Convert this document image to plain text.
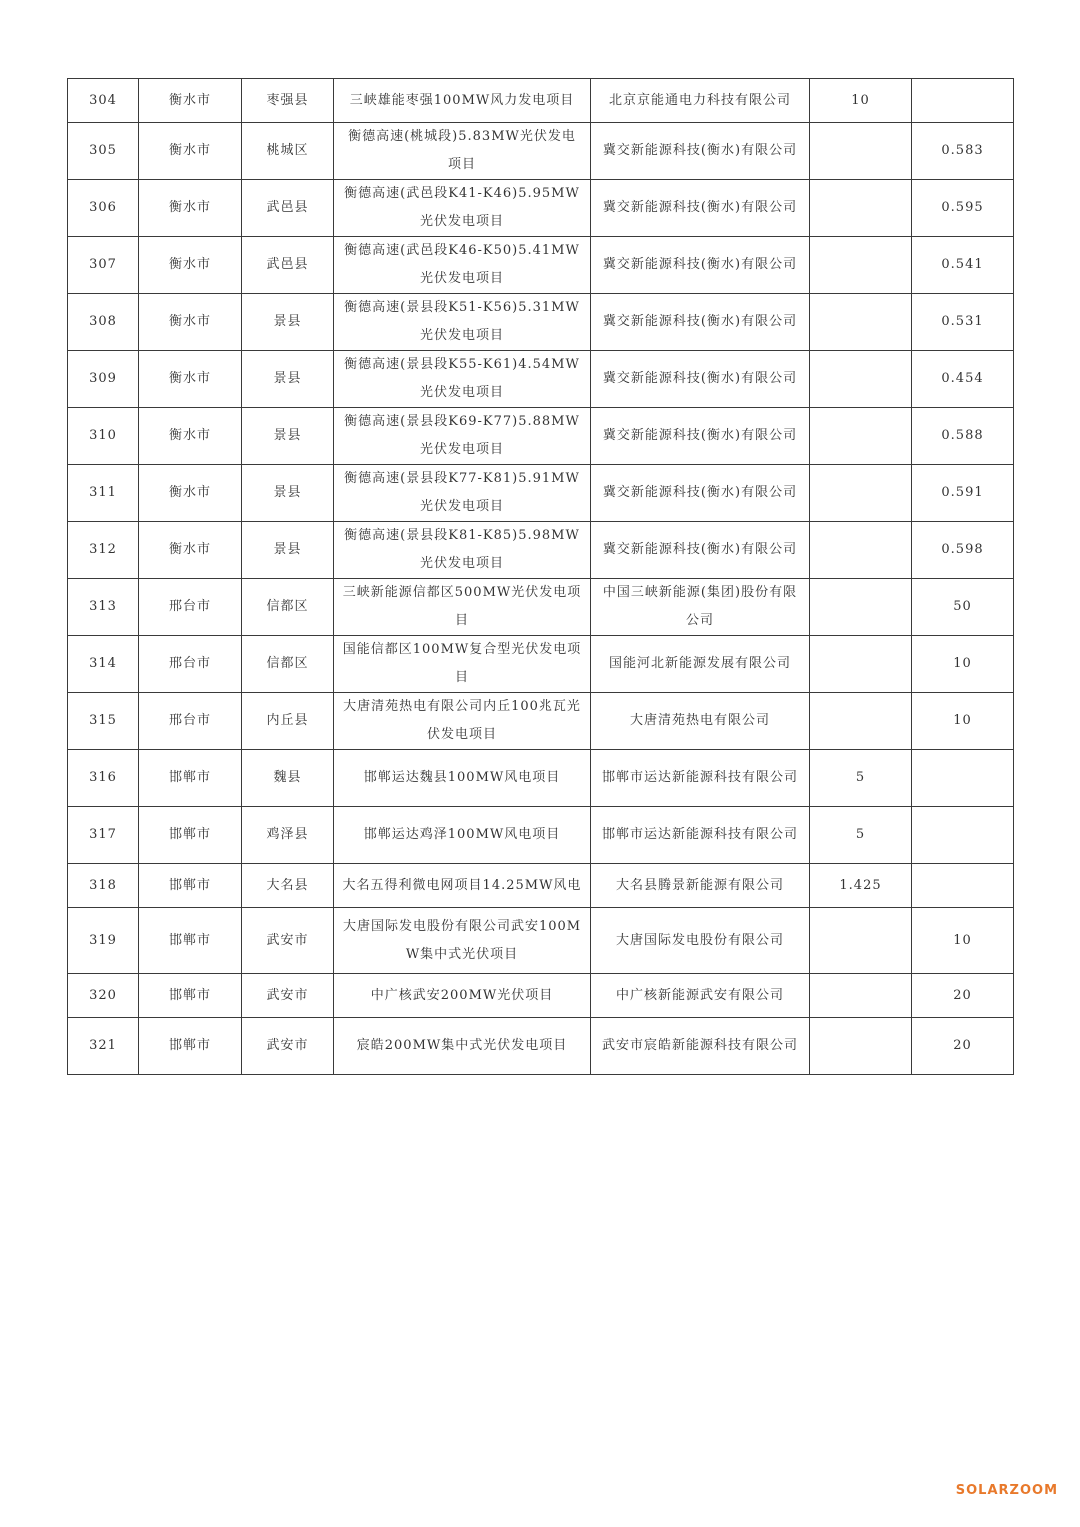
304	衡水市	枣强县	三峡雄能枣强100MW风力发电项目	北京京能通电力科技有限公司	10	
305	衡水市	桃城区	衡德高速(桃城段)5.83MW光伏发电项目	冀交新能源科技(衡水)有限公司		0.583
306	衡水市	武邑县	衡德高速(武邑段K41-K46)5.95MW光伏发电项目	冀交新能源科技(衡水)有限公司		0.595
307	衡水市	武邑县	衡德高速(武邑段K46-K50)5.41MW光伏发电项目	冀交新能源科技(衡水)有限公司		0.541
308	衡水市	景县	衡德高速(景县段K51-K56)5.31MW光伏发电项目	冀交新能源科技(衡水)有限公司		0.531
309	衡水市	景县	衡德高速(景县段K55-K61)4.54MW光伏发电项目	冀交新能源科技(衡水)有限公司		0.454
310	衡水市	景县	衡德高速(景县段K69-K77)5.88MW光伏发电项目	冀交新能源科技(衡水)有限公司		0.588
311	衡水市	景县	衡德高速(景县段K77-K81)5.91MW光伏发电项目	冀交新能源科技(衡水)有限公司		0.591
312	衡水市	景县	衡德高速(景县段K81-K85)5.98MW光伏发电项目	冀交新能源科技(衡水)有限公司		0.598
313	邢台市	信都区	三峡新能源信都区500MW光伏发电项目	中国三峡新能源(集团)股份有限公司		50
314	邢台市	信都区	国能信都区100MW复合型光伏发电项目	国能河北新能源发展有限公司		10
315	邢台市	内丘县	大唐清苑热电有限公司内丘100兆瓦光伏发电项目	大唐清苑热电有限公司		10
316	邯郸市	魏县	邯郸运达魏县100MW风电项目	邯郸市运达新能源科技有限公司	5	
317	邯郸市	鸡泽县	邯郸运达鸡泽100MW风电项目	邯郸市运达新能源科技有限公司	5	
318	邯郸市	大名县	大名五得利微电网项目14.25MW风电	大名县腾景新能源有限公司	1.425	
319	邯郸市	武安市	大唐国际发电股份有限公司武安100MW集中式光伏项目	大唐国际发电股份有限公司		10
320	邯郸市	武安市	中广核武安200MW光伏项目	中广核新能源武安有限公司		20
321	邯郸市	武安市	宸皓200MW集中式光伏发电项目	武安市宸皓新能源科技有限公司		20
SOLARZOOM
